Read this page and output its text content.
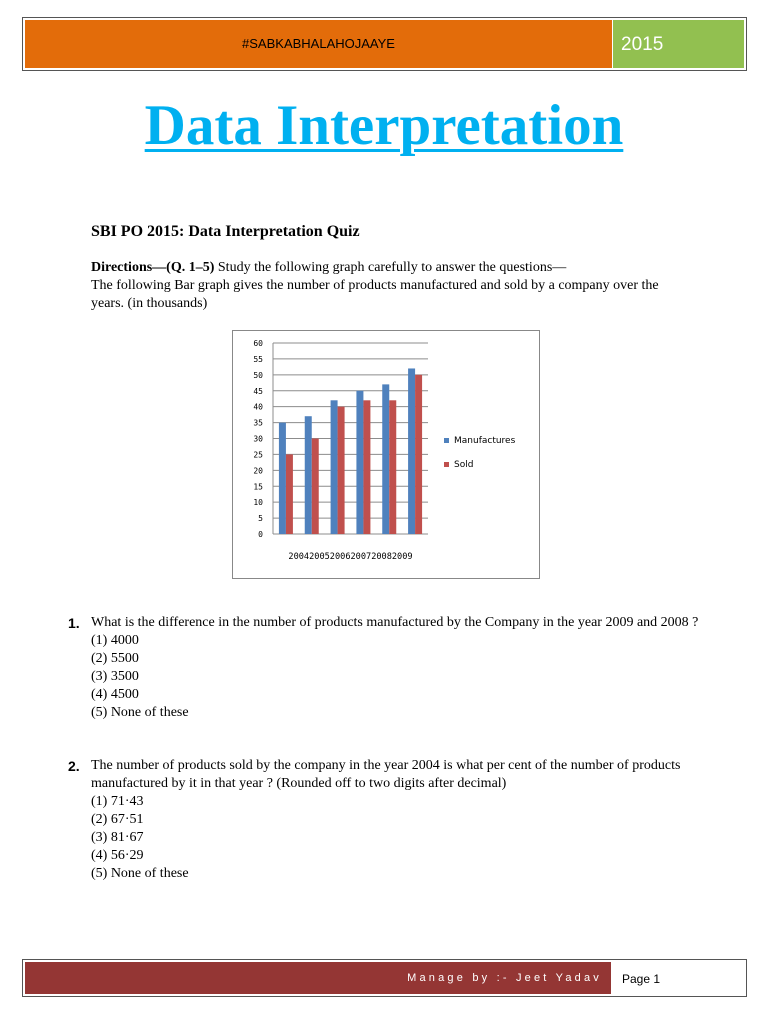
#SABKABHALAHOJAAYE	2015
Data Interpretation
SBI PO 2015: Data Interpretation Quiz
Directions—(Q. 1–5) Study the following graph carefully to answer the questions—
The following Bar graph gives the number of products manufactured and sold by a company over the years. (in thousands)
0
5
10
15
20
25
30
35
40
45
50
55
60
200420052006200720082009
Manufactures
Sold
1. What is the difference in the number of products manufactured by the Company in the year 2009 and 2008 ?
(1) 4000
(2) 5500
(3) 3500
(4) 4500
(5) None of these
2. The number of products sold by the company in the year 2004 is what per cent of the number of products manufactured by it in that year ? (Rounded off to two digits after decimal)
(1) 71·43
(2) 67·51
(3) 81·67
(4) 56·29
(5) None of these
Manage by :- Jeet Yadav Page 1
